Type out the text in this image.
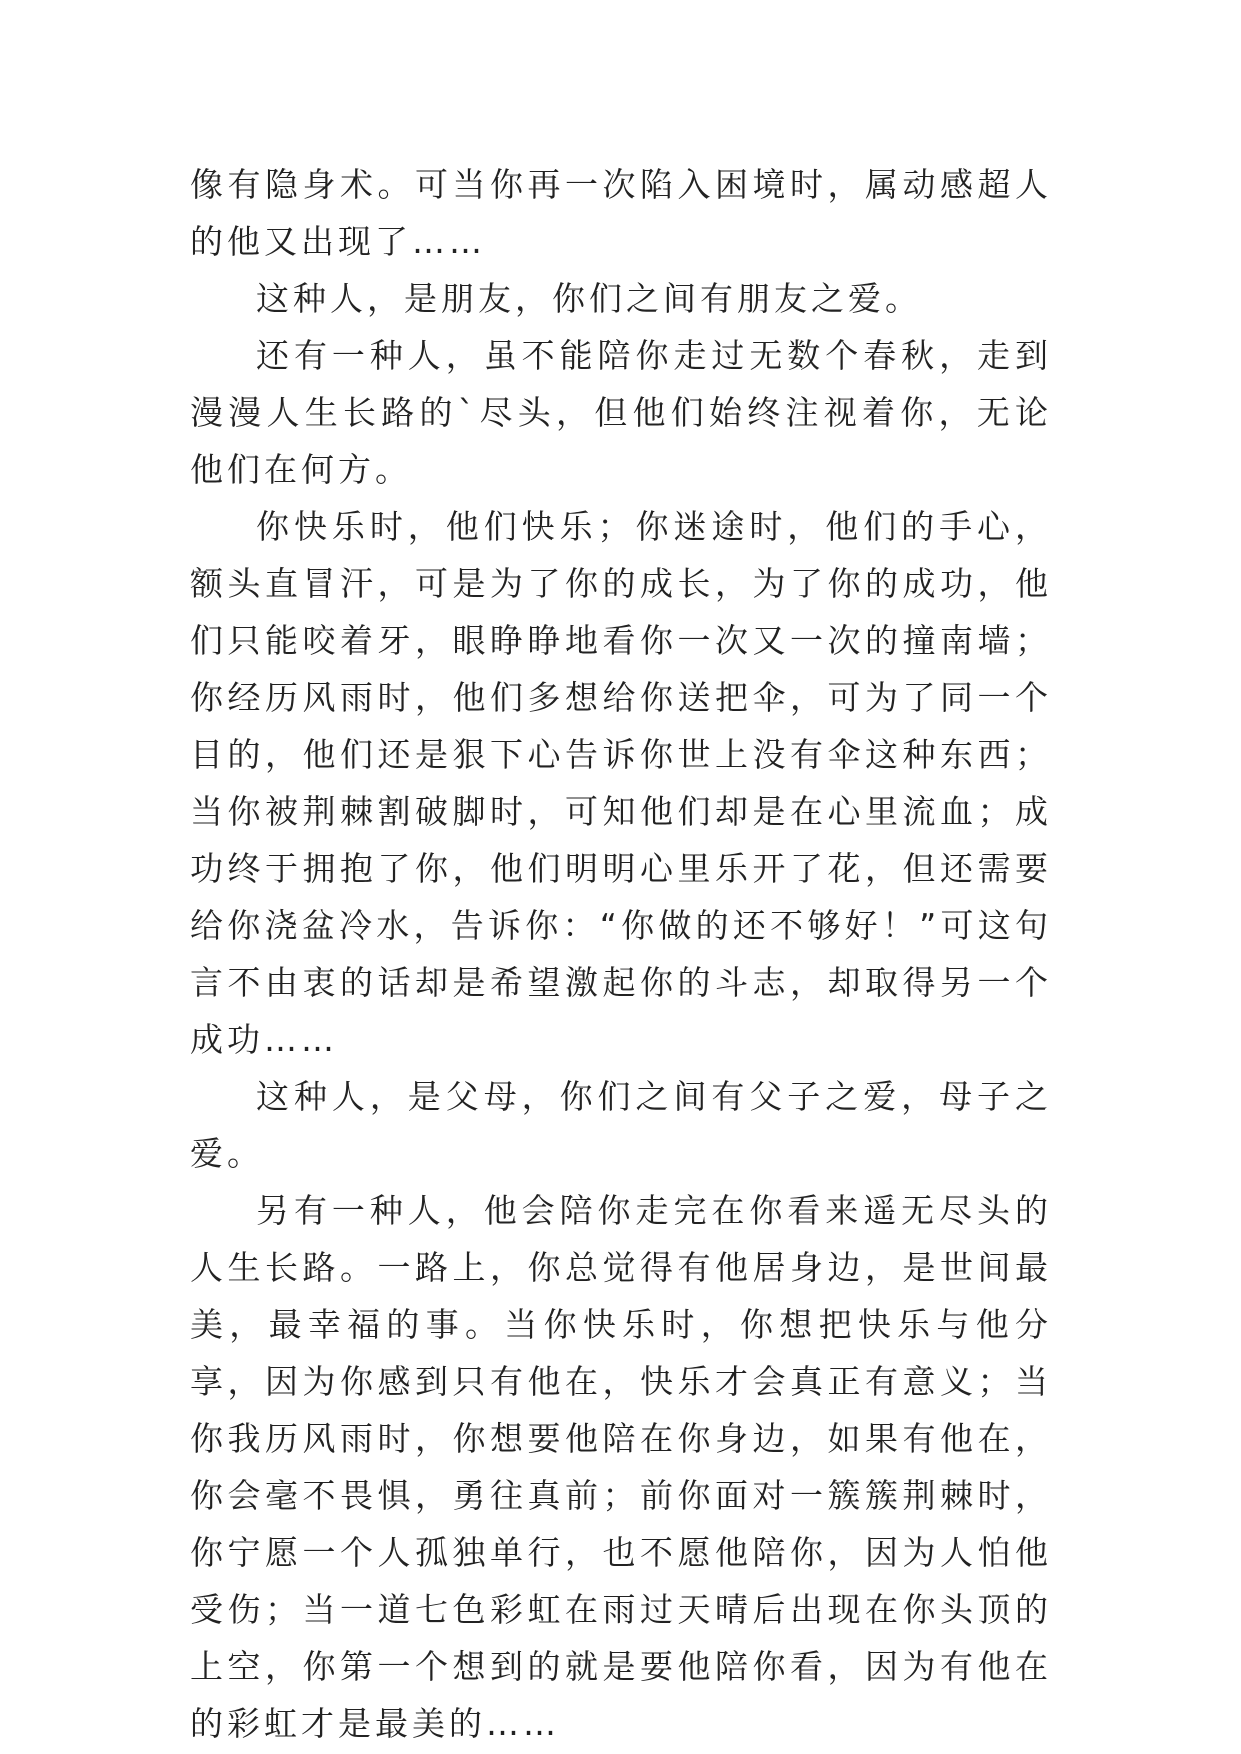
像有隐身术。可当你再一次陷入困境时，属动感超人的他又出现了……

这种人，是朋友，你们之间有朋友之爱。

还有一种人，虽不能陪你走过无数个春秋，走到漫漫人生长路的`尽头，但他们始终注视着你，无论他们在何方。

你快乐时，他们快乐；你迷途时，他们的手心，额头直冒汗，可是为了你的成长，为了你的成功，他们只能咬着牙，眼睁睁地看你一次又一次的撞南墙；你经历风雨时，他们多想给你送把伞，可为了同一个目的，他们还是狠下心告诉你世上没有伞这种东西；当你被荆棘割破脚时，可知他们却是在心里流血；成功终于拥抱了你，他们明明心里乐开了花，但还需要给你浇盆冷水，告诉你：“你做的还不够好！”可这句言不由衷的话却是希望激起你的斗志，却取得另一个成功……

这种人，是父母，你们之间有父子之爱，母子之爱。

另有一种人，他会陪你走完在你看来遥无尽头的人生长路。一路上，你总觉得有他居身边，是世间最美，最幸福的事。当你快乐时，你想把快乐与他分享，因为你感到只有他在，快乐才会真正有意义；当你我历风雨时，你想要他陪在你身边，如果有他在，你会毫不畏惧，勇往真前；前你面对一簇簇荆棘时，你宁愿一个人孤独单行，也不愿他陪你，因为人怕他受伤；当一道七色彩虹在雨过天晴后出现在你头顶的上空，你第一个想到的就是要他陪你看，因为有他在的彩虹才是最美的……
